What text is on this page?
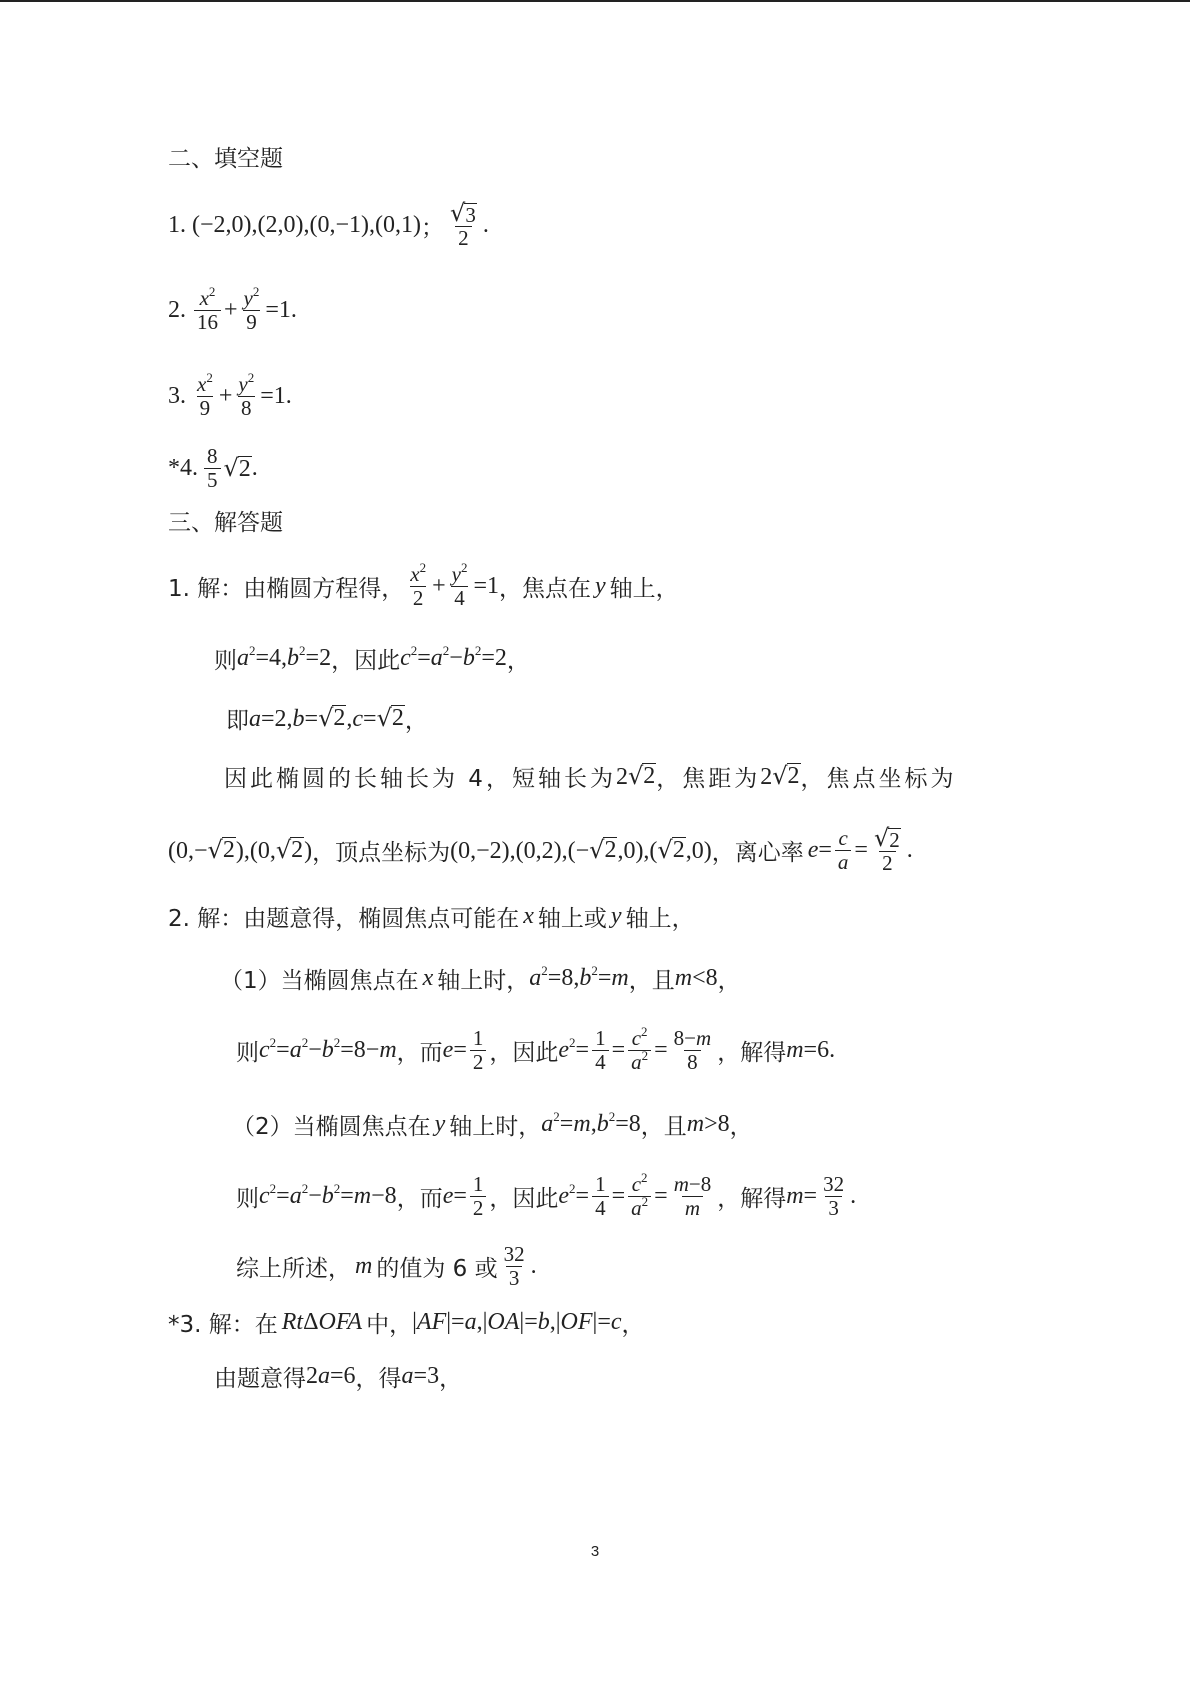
二、填空题
1. (−2,0),(2,0),(0,−1),(0,1) ； $\frac{√ 3}{2}$ .
2. $\frac{x^2}{16} + \frac{y^2}{9} =1$.
3. $\frac{x^2}{9} + \frac{y^2}{8} =1$.
*4. $\frac{8}{5}$ √ 2 .
三、解答题
1. 解：由椭圆方程得， $\frac{x^2}{2} + \frac{y^2}{4} =1$ ，焦点在 y 轴上，
则 $a^2=4,b^2=2$ ，因此 $c^2=a^2-b^2=2$ ，
即 a=2,b= √ 2 ,c= √ 2 ，
因此椭圆的长轴长为 4，短轴长为 2 √ 2 ，焦距为 2 √ 2 ，焦点坐标为
(0,− √ 2 ),(0, √ 2 ) ，顶点坐标为 (0,−2),(0,2),(− √ 2 ,0),( √ 2 ,0) ，离心率 $e = \frac{c}{a} = \frac{√ 2}{2}$ .
2. 解：由题意得，椭圆焦点可能在 x 轴上或 y 轴上，
（1）当椭圆焦点在 x 轴上时， $a^2=8,b^2=m$ ，且 m<8 ，
则 $c^2=a^2-b^2=8-m$ ，而 $e= \frac{1}{2}$ ，因此 $e^2= \frac{1}{4} = \frac{c^2}{a^2} = \frac{8-m}{8}$ ，解得 m=6.
（2）当椭圆焦点在 y 轴上时， $a^2=m,b^2=8$ ，且 m>8 ，
则 $c^2=a^2-b^2=m-8$ ，而 $e= \frac{1}{2}$ ，因此 $e^2= \frac{1}{4} = \frac{c^2}{a^2} = \frac{m-8}{m}$ ，解得 $m= \frac{32}{3}$ .
综上所述， m 的值为 6 或 $\frac{32}{3}$ .
*3. 解：在 RtΔOFA 中， |AF|=a,|OA|=b,|OF|=c ，
由题意得 2a=6 ，得 a=3 ，
3
